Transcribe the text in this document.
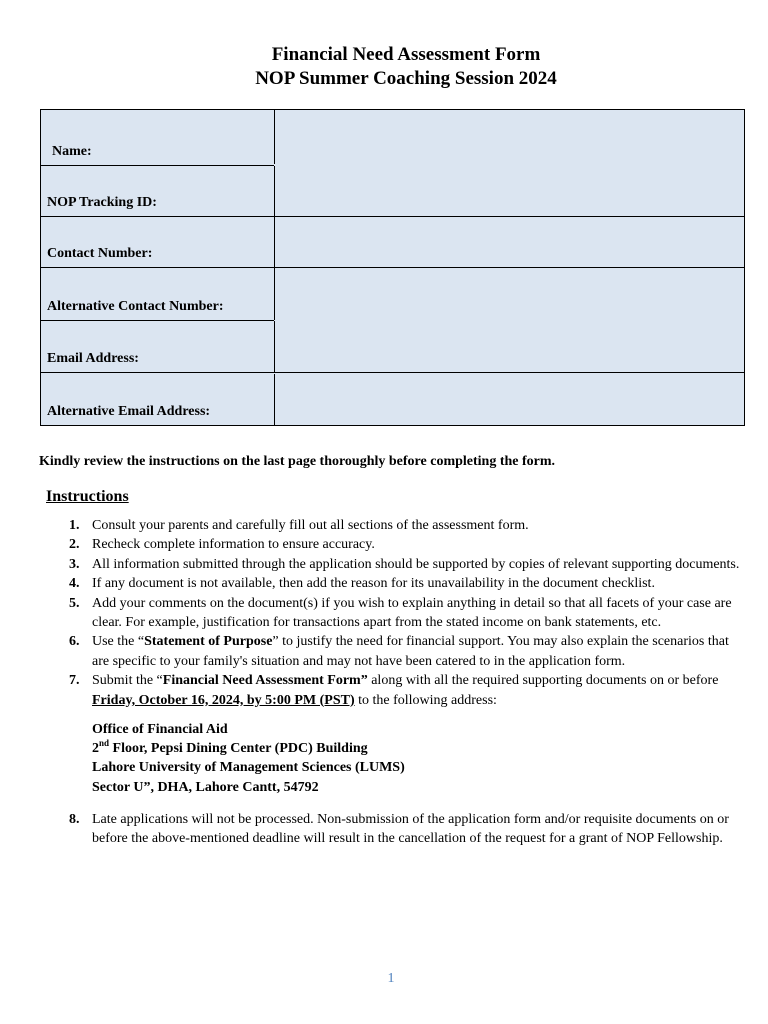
Financial Need Assessment Form
NOP Summer Coaching Session 2024
Name:
NOP Tracking ID:
Contact Number:
Alternative Contact Number:
Email Address:
Alternative Email Address:
Kindly review the instructions on the last page thoroughly before completing the form.
Instructions
1. Consult your parents and carefully fill out all sections of the assessment form.
2. Recheck complete information to ensure accuracy.
3. All information submitted through the application should be supported by copies of relevant supporting documents.
4. If any document is not available, then add the reason for its unavailability in the document checklist.
5. Add your comments on the document(s) if you wish to explain anything in detail so that all facets of your case are clear. For example, justification for transactions apart from the stated income on bank statements, etc.
6. Use the “Statement of Purpose” to justify the need for financial support. You may also explain the scenarios that are specific to your family's situation and may not have been catered to in the application form.
7. Submit the “Financial Need Assessment Form” along with all the required supporting documents on or before Friday, October 16, 2024, by 5:00 PM (PST) to the following address:
Office of Financial Aid
2nd Floor, Pepsi Dining Center (PDC) Building
Lahore University of Management Sciences (LUMS)
Sector U”, DHA, Lahore Cantt, 54792
8. Late applications will not be processed. Non-submission of the application form and/or requisite documents on or before the above-mentioned deadline will result in the cancellation of the request for a grant of NOP Fellowship.
1
